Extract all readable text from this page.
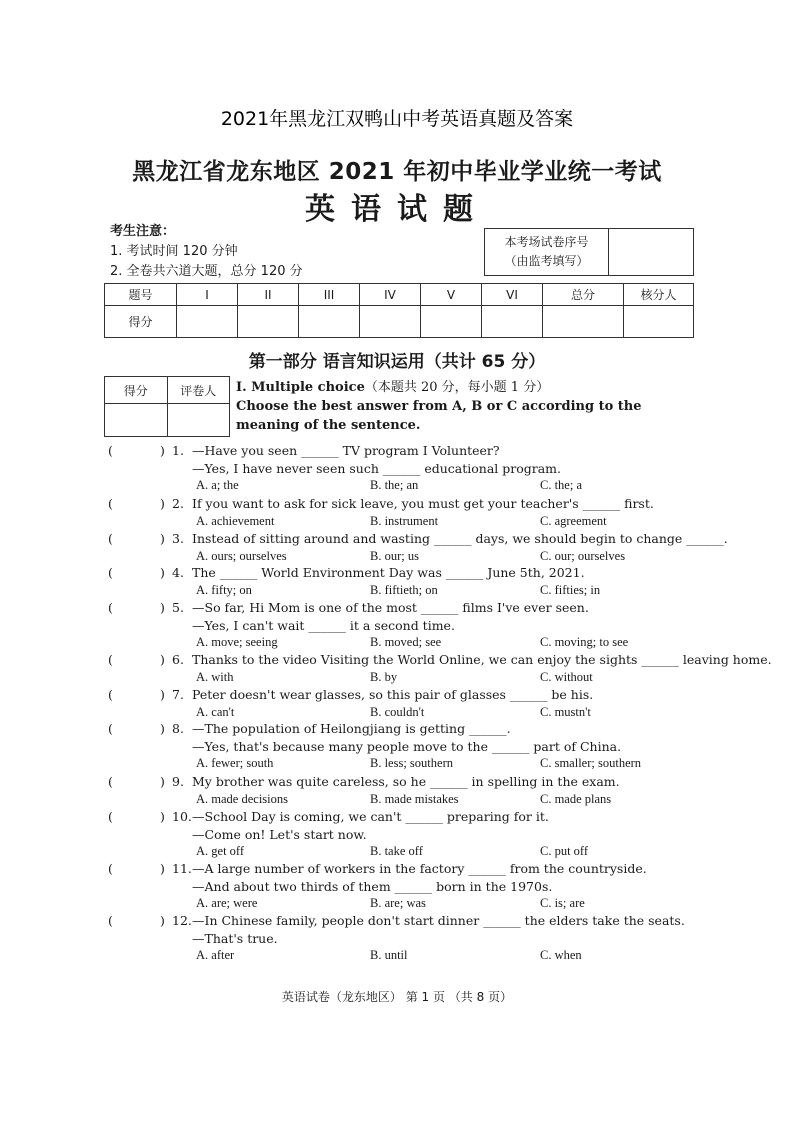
2021年黑龙江双鸭山中考英语真题及答案
黑龙江省龙东地区 2021 年初中毕业学业统一考试
英语试题
考生注意：
1. 考试时间 120 分钟
2. 全卷共六道大题，总分 120 分
本考场试卷序号
（由监考填写）
题号	I	II	III	IV	V	VI	总分	核分人
得分								
第一部分 语言知识运用（共计 65 分）
得分	评卷人
	I. Multiple choice（本题共 20 分，每小题 1 分）
Choose the best answer from A, B or C according to the meaning of the sentence.
(	) 1. —Have you seen ______ TV program I Volunteer?
—Yes, I have never seen such ______ educational program.
A. a; the	B. the; an	C. the; a
(	) 2. If you want to ask for sick leave, you must get your teacher's ______ first.
A. achievement	B. instrument	C. agreement
(	) 3. Instead of sitting around and wasting ______ days, we should begin to change ______.
A. ours; ourselves	B. our; us	C. our; ourselves
(	) 4. The ______ World Environment Day was ______ June 5th, 2021.
A. fifty; on	B. fiftieth; on	C. fifties; in
(	) 5. —So far, Hi Mom is one of the most ______ films I've ever seen.
—Yes, I can't wait ______ it a second time.
A. move; seeing	B. moved; see	C. moving; to see
(	) 6. Thanks to the video Visiting the World Online, we can enjoy the sights ______ leaving home.
A. with	B. by	C. without
(	) 7. Peter doesn't wear glasses, so this pair of glasses ______ be his.
A. can't	B. couldn't	C. mustn't
(	) 8. —The population of Heilongjiang is getting ______.
—Yes, that's because many people move to the ______ part of China.
A. fewer; south	B. less; southern	C. smaller; southern
(	) 9. My brother was quite careless, so he ______ in spelling in the exam.
A. made decisions	B. made mistakes	C. made plans
(	) 10. —School Day is coming, we can't ______ preparing for it.
—Come on! Let's start now.
A. get off	B. take off	C. put off
(	) 11. —A large number of workers in the factory ______ from the countryside.
—And about two thirds of them ______ born in the 1970s.
A. are; were	B. are; was	C. is; are
(	) 12. —In Chinese family, people don't start dinner ______ the elders take the seats.
—That's true.
A. after	B. until	C. when
英语试卷（龙东地区） 第 1 页 （共 8 页）
